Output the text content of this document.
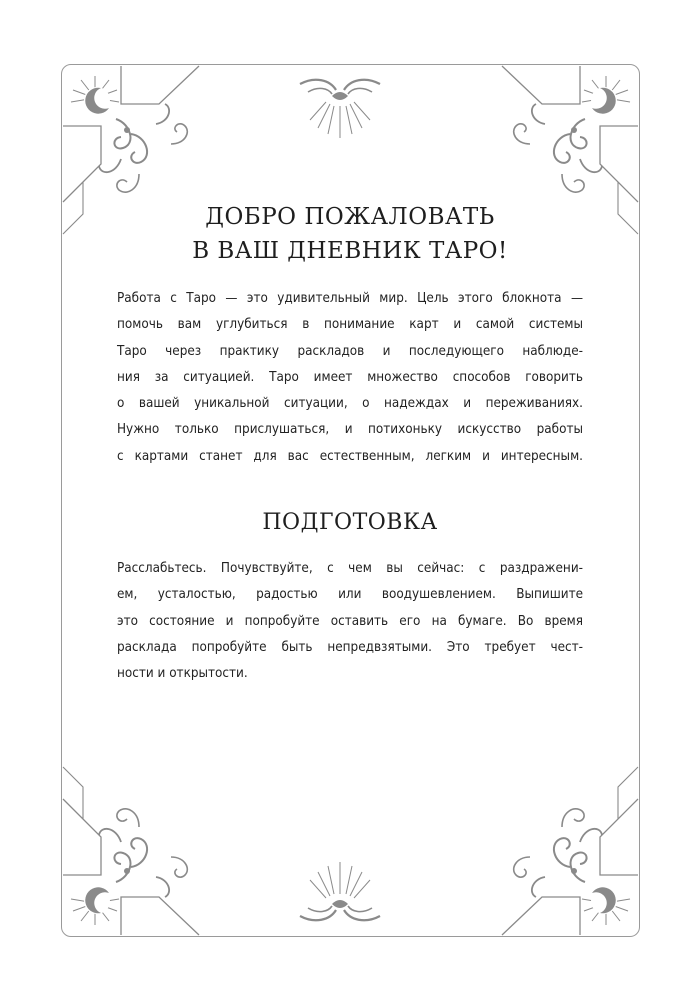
ДОБРО ПОЖАЛОВАТЬ
В ВАШ ДНЕВНИК ТАРО!

Работа с Таро — это удивительный мир. Цель этого блокнота —
помочь вам углубиться в понимание карт и самой системы
Таро через практику раскладов и последующего наблюде-
ния за ситуацией. Таро имеет множество способов говорить
о вашей уникальной ситуации, о надеждах и переживаниях.
Нужно только прислушаться, и потихоньку искусство работы
с картами станет для вас естественным, легким и интересным.

ПОДГОТОВКА

Расслабьтесь. Почувствуйте, с чем вы сейчас: с раздражени-
ем, усталостью, радостью или воодушевлением. Выпишите
это состояние и попробуйте оставить его на бумаге. Во время
расклада попробуйте быть непредвзятыми. Это требует чест-
ности и открытости.
